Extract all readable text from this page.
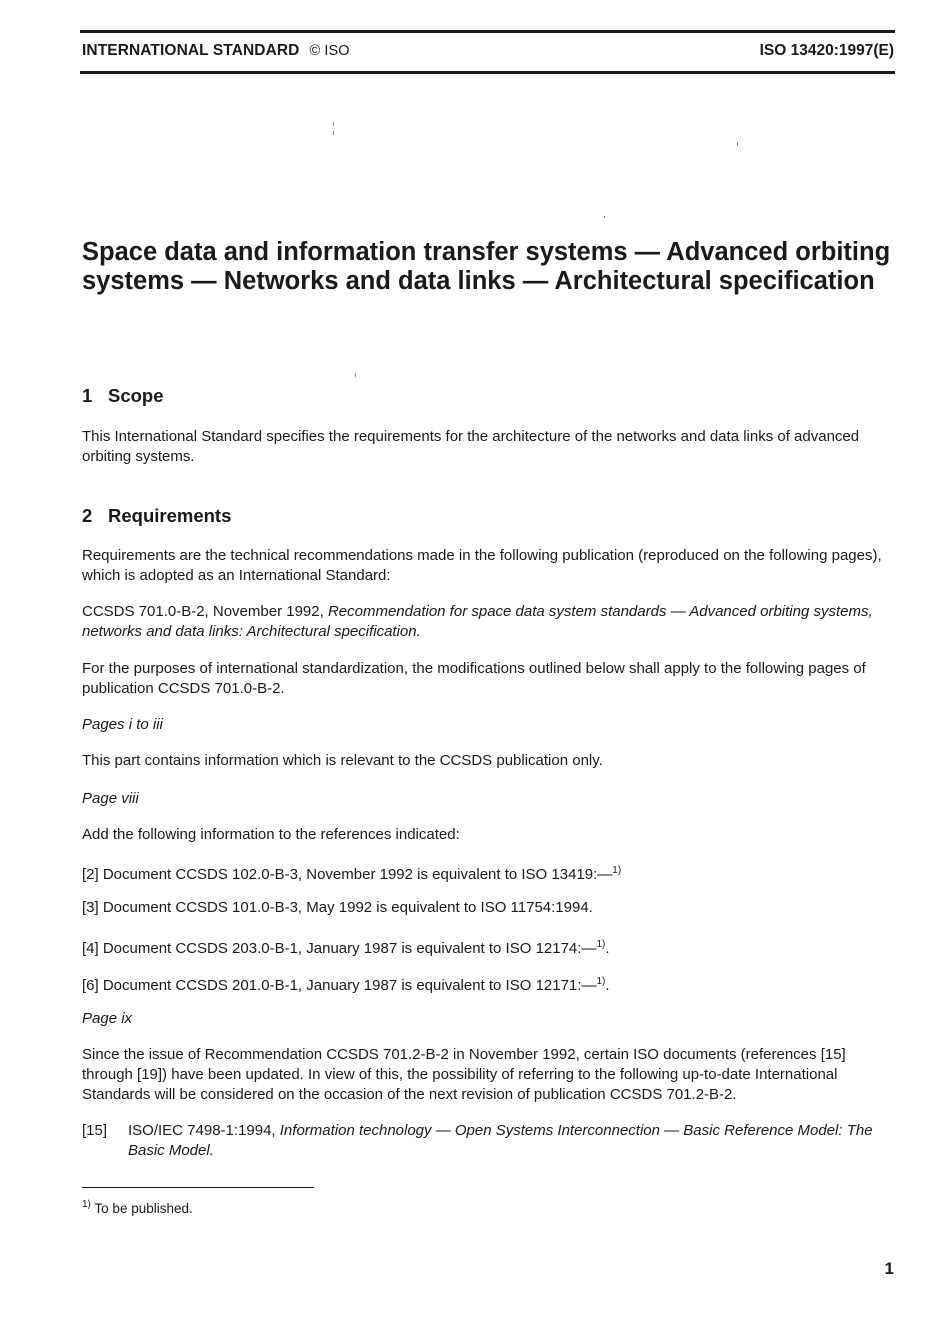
INTERNATIONAL STANDARD © ISO	ISO 13420:1997(E)
Space data and information transfer systems — Advanced orbiting systems — Networks and data links — Architectural specification
1 Scope
This International Standard specifies the requirements for the architecture of the networks and data links of advanced orbiting systems.
2 Requirements
Requirements are the technical recommendations made in the following publication (reproduced on the following pages), which is adopted as an International Standard:
CCSDS 701.0-B-2, November 1992, Recommendation for space data system standards — Advanced orbiting systems, networks and data links: Architectural specification.
For the purposes of international standardization, the modifications outlined below shall apply to the following pages of publication CCSDS 701.0-B-2.
Pages i to iii
This part contains information which is relevant to the CCSDS publication only.
Page viii
Add the following information to the references indicated:
[2] Document CCSDS 102.0-B-3, November 1992 is equivalent to ISO 13419:—$^{1)}$
[3] Document CCSDS 101.0-B-3, May 1992 is equivalent to ISO 11754:1994.
[4] Document CCSDS 203.0-B-1, January 1987 is equivalent to ISO 12174:—$^{1)}$.
[6] Document CCSDS 201.0-B-1, January 1987 is equivalent to ISO 12171:—$^{1)}$.
Page ix
Since the issue of Recommendation CCSDS 701.2-B-2 in November 1992, certain ISO documents (references [15] through [19]) have been updated. In view of this, the possibility of referring to the following up-to-date International Standards will be considered on the occasion of the next revision of publication CCSDS 701.2-B-2.
[15] ISO/IEC 7498-1:1994, Information technology — Open Systems Interconnection — Basic Reference Model: The Basic Model.
$^{1)}$ To be published.
1
